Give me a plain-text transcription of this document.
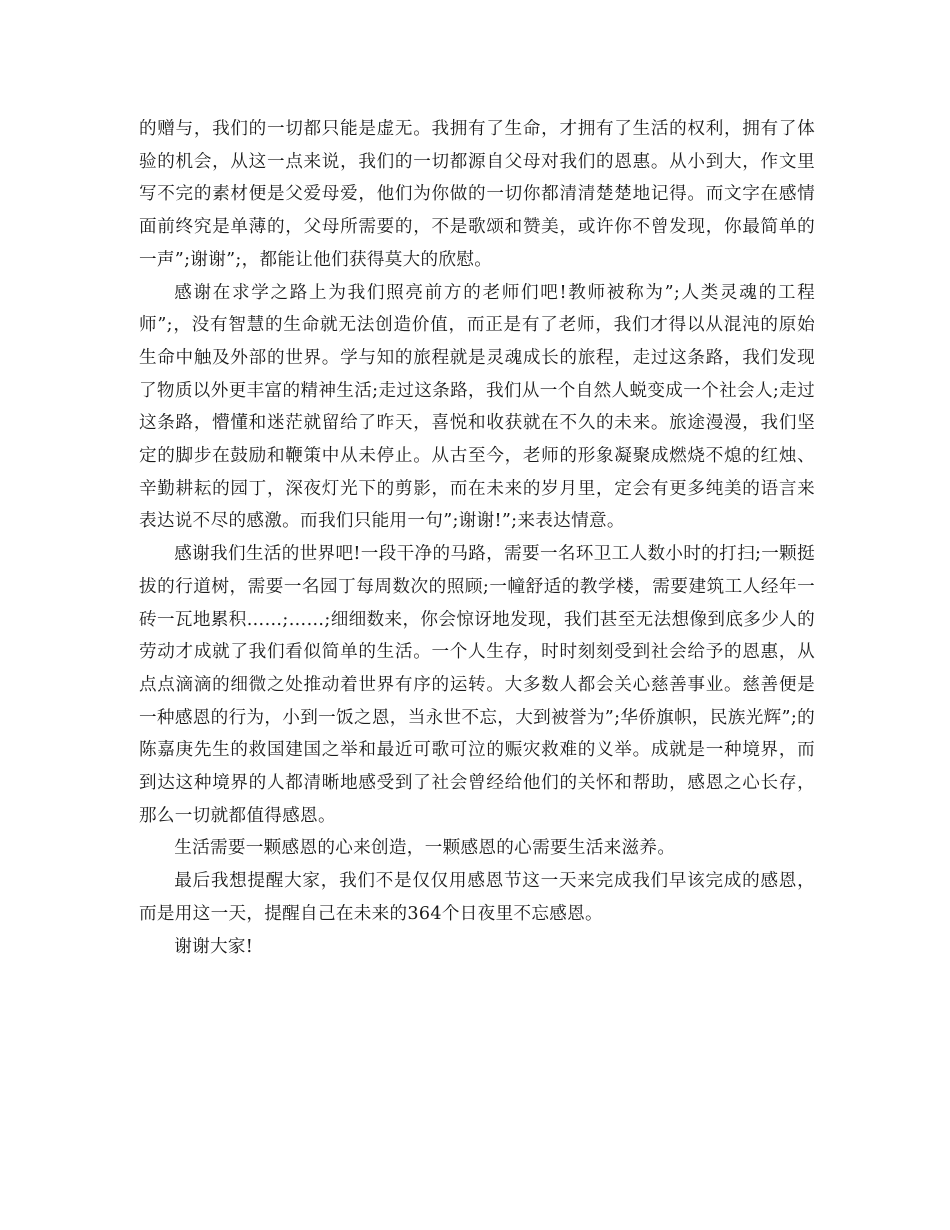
的赠与，我们的一切都只能是虚无。我拥有了生命，才拥有了生活的权利，拥有了体验的机会，从这一点来说，我们的一切都源自父母对我们的恩惠。从小到大，作文里写不完的素材便是父爱母爱，他们为你做的一切你都清清楚楚地记得。而文字在感情面前终究是单薄的，父母所需要的，不是歌颂和赞美，或许你不曾发现，你最简单的一声”;谢谢”;，都能让他们获得莫大的欣慰。

感谢在求学之路上为我们照亮前方的老师们吧!教师被称为”;人类灵魂的工程师”;，没有智慧的生命就无法创造价值，而正是有了老师，我们才得以从混沌的原始生命中触及外部的世界。学与知的旅程就是灵魂成长的旅程，走过这条路，我们发现了物质以外更丰富的精神生活;走过这条路，我们从一个自然人蜕变成一个社会人;走过这条路，懵懂和迷茫就留给了昨天，喜悦和收获就在不久的未来。旅途漫漫，我们坚定的脚步在鼓励和鞭策中从未停止。从古至今，老师的形象凝聚成燃烧不熄的红烛、辛勤耕耘的园丁，深夜灯光下的剪影，而在未来的岁月里，定会有更多纯美的语言来表达说不尽的感激。而我们只能用一句”;谢谢!”;来表达情意。

感谢我们生活的世界吧!一段干净的马路，需要一名环卫工人数小时的打扫;一颗挺拔的行道树，需要一名园丁每周数次的照顾;一幢舒适的教学楼，需要建筑工人经年一砖一瓦地累积……;……;细细数来，你会惊讶地发现，我们甚至无法想像到底多少人的劳动才成就了我们看似简单的生活。一个人生存，时时刻刻受到社会给予的恩惠，从点点滴滴的细微之处推动着世界有序的运转。大多数人都会关心慈善事业。慈善便是一种感恩的行为，小到一饭之恩，当永世不忘，大到被誉为”;华侨旗帜，民族光辉”;的陈嘉庚先生的救国建国之举和最近可歌可泣的赈灾救难的义举。成就是一种境界，而到达这种境界的人都清晰地感受到了社会曾经给他们的关怀和帮助，感恩之心长存，那么一切就都值得感恩。

生活需要一颗感恩的心来创造，一颗感恩的心需要生活来滋养。

最后我想提醒大家，我们不是仅仅用感恩节这一天来完成我们早该完成的感恩，而是用这一天，提醒自己在未来的364个日夜里不忘感恩。

谢谢大家!
